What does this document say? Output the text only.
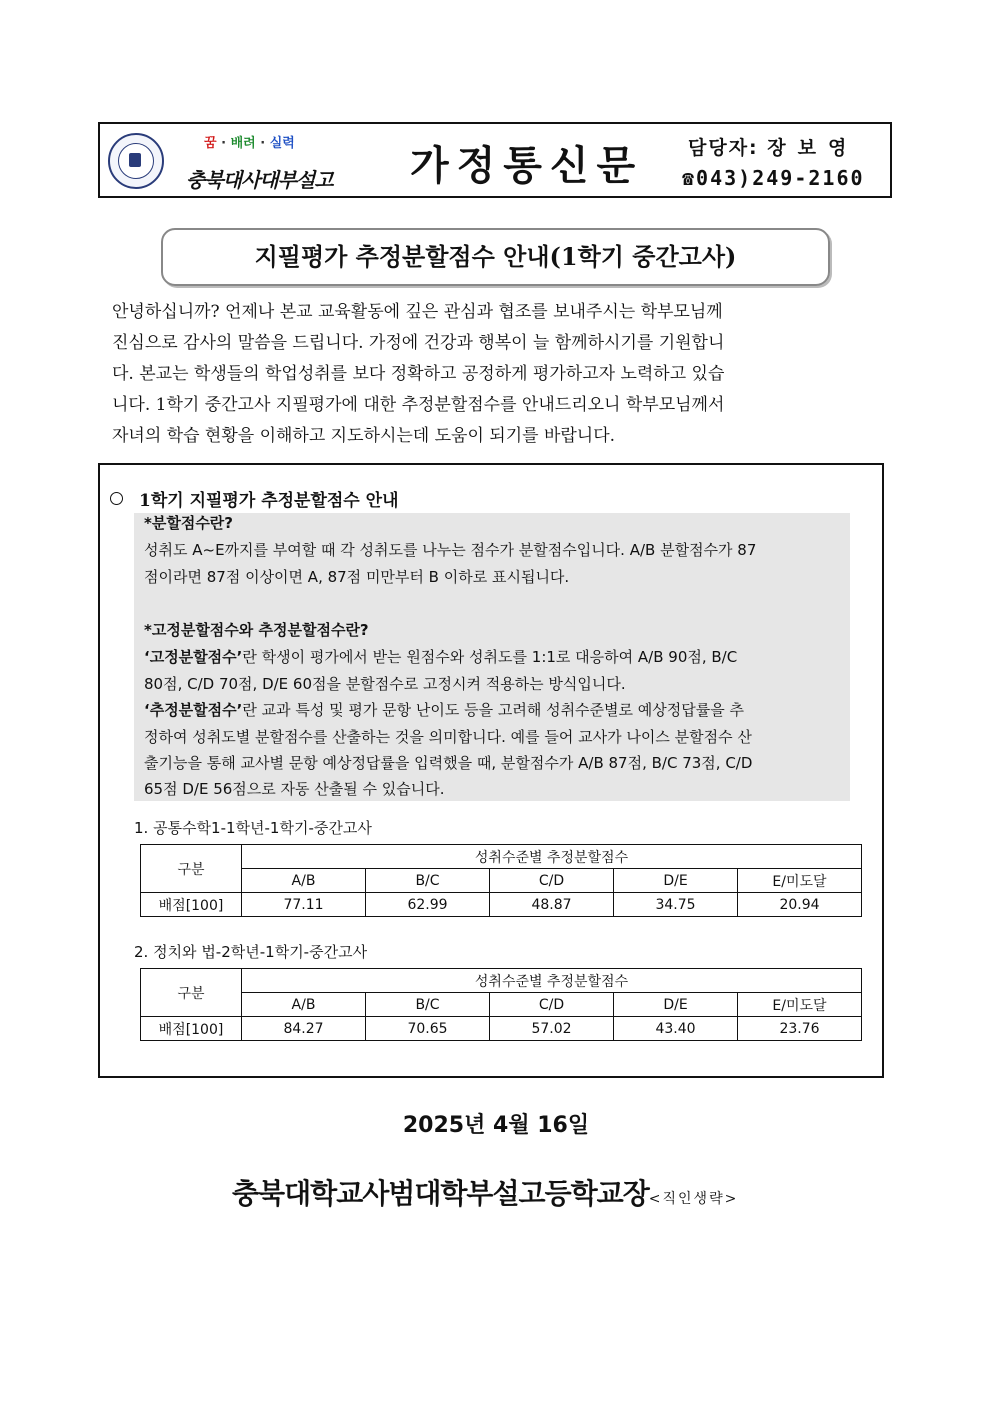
꿈 · 배려 · 실력
충북대사대부설고 가정통신문 담당자: 장보영
☎043)249-2160
지필평가 추정분할점수 안내(1학기 중간고사)
안녕하십니까? 언제나 본교 교육활동에 깊은 관심과 협조를 보내주시는 학부모님께
진심으로 감사의 말씀을 드립니다. 가정에 건강과 행복이 늘 함께하시기를 기원합니
다. 본교는 학생들의 학업성취를 보다 정확하고 공정하게 평가하고자 노력하고 있습
니다. 1학기 중간고사 지필평가에 대한 추정분할점수를 안내드리오니 학부모님께서
자녀의 학습 현황을 이해하고 지도하시는데 도움이 되기를 바랍니다.
1학기 지필평가 추정분할점수 안내
*분할점수란?
성취도 A~E까지를 부여할 때 각 성취도를 나누는 점수가 분할점수입니다. A/B 분할점수가 87
점이라면 87점 이상이면 A, 87점 미만부터 B 이하로 표시됩니다.
*고정분할점수와 추정분할점수란?
‘고정분할점수’란 학생이 평가에서 받는 원점수와 성취도를 1:1로 대응하여 A/B 90점, B/C
80점, C/D 70점, D/E 60점을 분할점수로 고정시켜 적용하는 방식입니다.
‘추정분할점수’란 교과 특성 및 평가 문항 난이도 등을 고려해 성취수준별로 예상정답률을 추
정하여 성취도별 분할점수를 산출하는 것을 의미합니다. 예를 들어 교사가 나이스 분할점수 산
출기능을 통해 교사별 문항 예상정답률을 입력했을 때, 분할점수가 A/B 87점, B/C 73점, C/D
65점 D/E 56점으로 자동 산출될 수 있습니다.
1. 공통수학1-1학년-1학기-중간고사
구분	성취수준별 추정분할점수				
	A/B	B/C	C/D	D/E	E/미도달
배점[100]	77.11	62.99	48.87	34.75	20.94
2. 정치와 법-2학년-1학기-중간고사
구분	성취수준별 추정분할점수				
	A/B	B/C	C/D	D/E	E/미도달
배점[100]	84.27	70.65	57.02	43.40	23.76
2025년 4월 16일
충북대학교사범대학부설고등학교장<직인생략>
